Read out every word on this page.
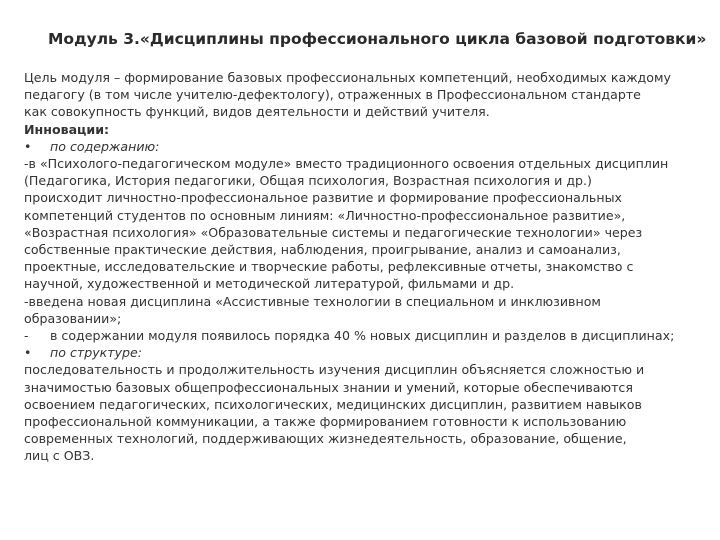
Модуль 3.«Дисциплины профессионального цикла базовой подготовки»

Цель модуля – формирование базовых профессиональных компетенций, необходимых каждому
педагогу (в том числе учителю-дефектологу), отраженных в Профессиональном стандарте
как совокупность функций, видов деятельности и действий учителя.

Инновации:

• по содержанию:

-в «Психолого-педагогическом модуле» вместо традиционного освоения отдельных дисциплин
(Педагогика, История педагогики, Общая психология, Возрастная психология и др.)
происходит личностно-профессиональное развитие и формирование профессиональных
компетенций студентов по основным линиям: «Личностно-профессиональное развитие»,
«Возрастная психология» «Образовательные системы и педагогические технологии» через
собственные практические действия, наблюдения, проигрывание, анализ и самоанализ,
проектные, исследовательские и творческие работы, рефлексивные отчеты, знакомство с
научной, художественной и методической литературой, фильмами и др.

-введена новая дисциплина «Ассистивные технологии в специальном и инклюзивном
образовании»;

- в содержании модуля появилось порядка 40 % новых дисциплин и разделов в дисциплинах;

• по структуре:

последовательность и продолжительность изучения дисциплин объясняется сложностью и
значимостью базовых общепрофессиональных знании и умений, которые обеспечиваются
освоением педагогических, психологических, медицинских дисциплин, развитием навыков
профессиональной коммуникации, а также формированием готовности к использованию
современных технологий, поддерживающих жизнедеятельность, образование, общение,
лиц с ОВЗ.
